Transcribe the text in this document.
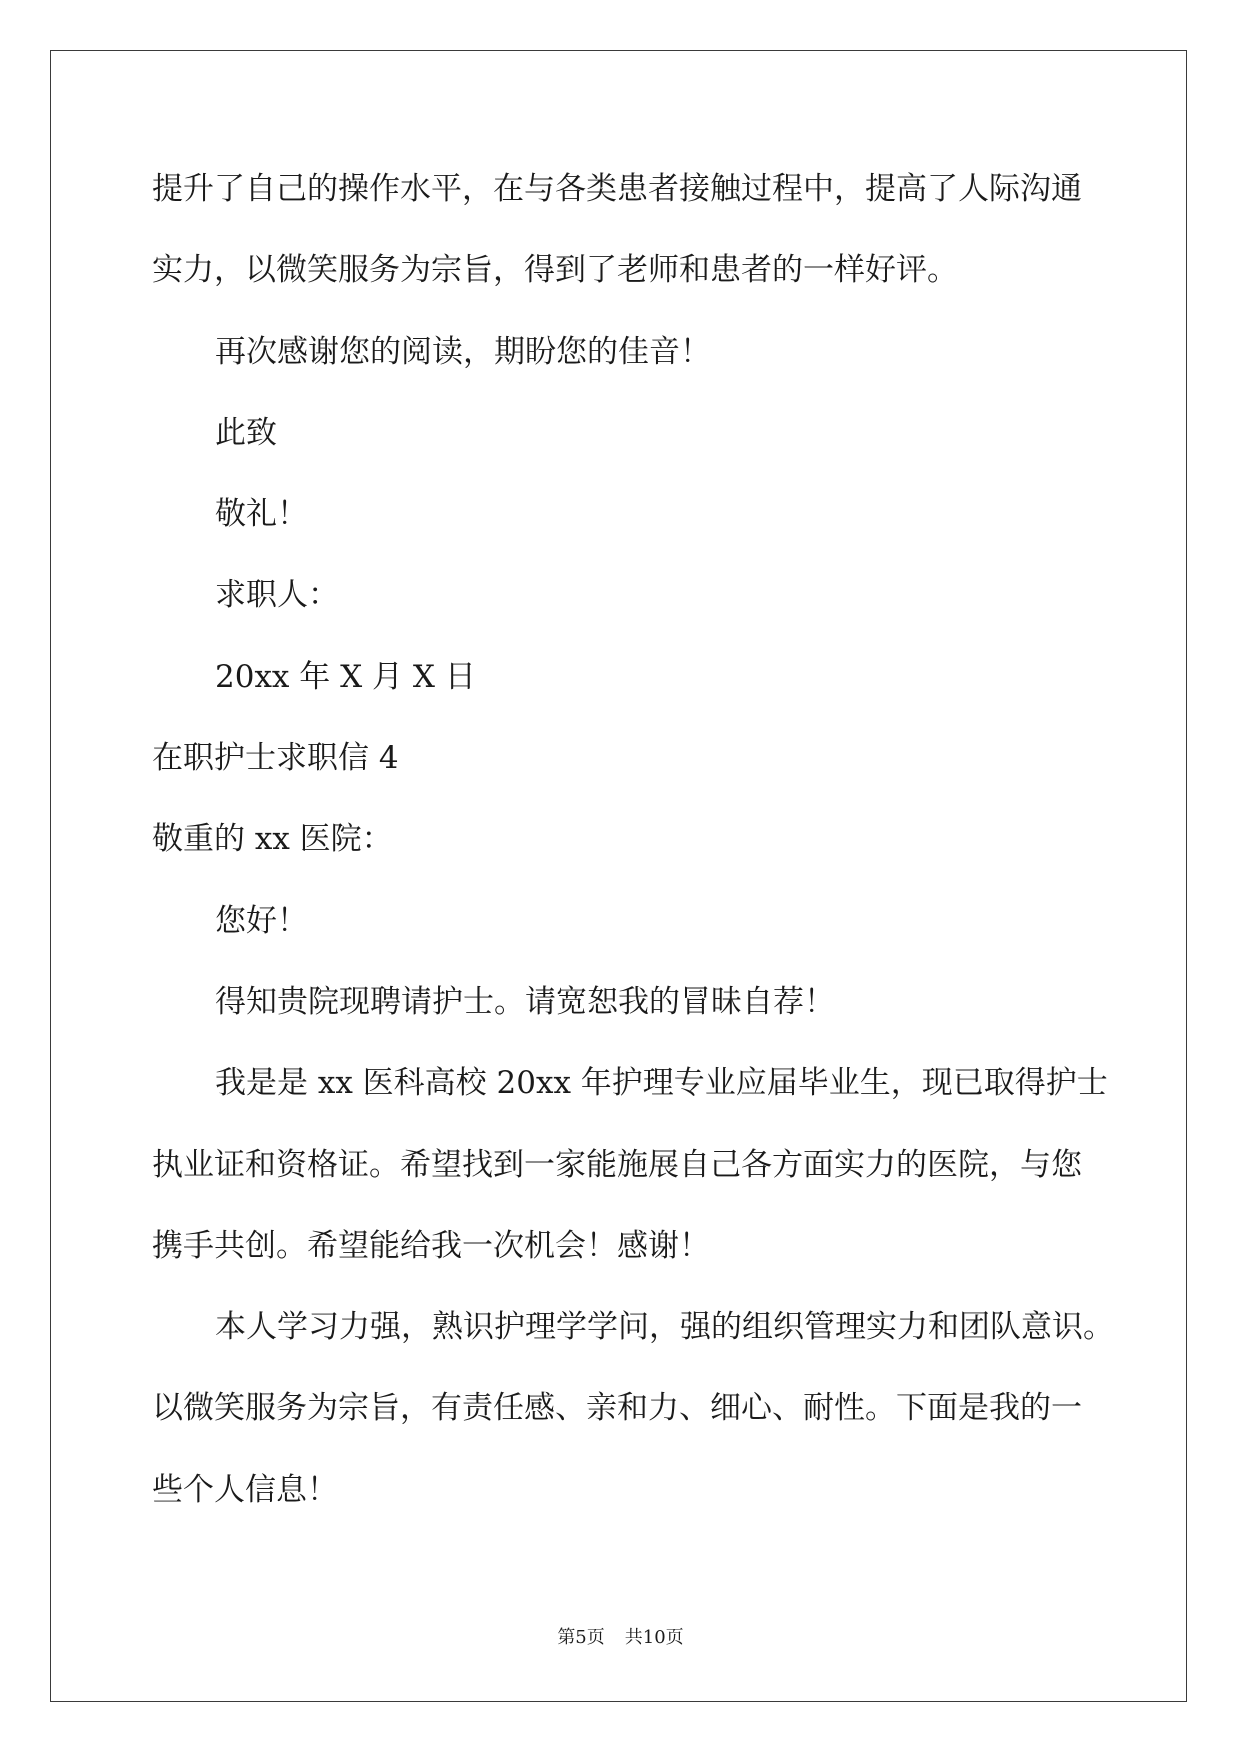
提升了自己的操作水平，在与各类患者接触过程中，提高了人际沟通
实力，以微笑服务为宗旨，得到了老师和患者的一样好评。
再次感谢您的阅读，期盼您的佳音！
此致
敬礼！
求职人：
20xx 年 X 月 X 日
在职护士求职信 4
敬重的 xx 医院：
您好！
得知贵院现聘请护士。请宽恕我的冒昧自荐！
我是是 xx 医科高校 20xx 年护理专业应届毕业生，现已取得护士
执业证和资格证。希望找到一家能施展自己各方面实力的医院，与您
携手共创。希望能给我一次机会！感谢！
本人学习力强，熟识护理学学问，强的组织管理实力和团队意识。
以微笑服务为宗旨，有责任感、亲和力、细心、耐性。下面是我的一
些个人信息！
第5页 共10页
